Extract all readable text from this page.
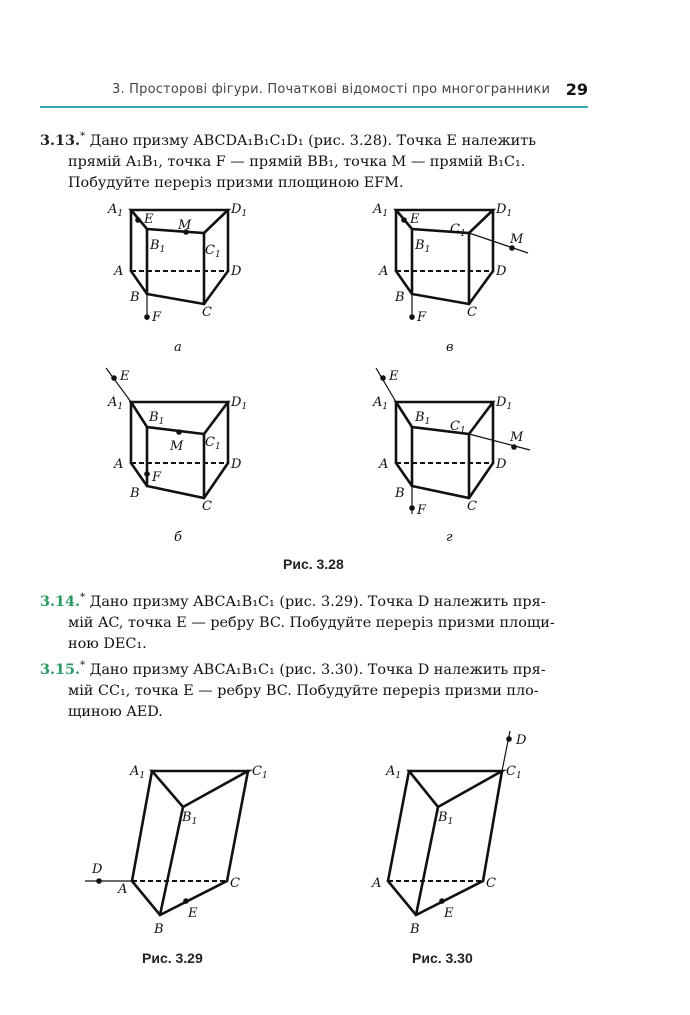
3. Просторові фігури. Початкові відомості про многогранники 29
3.13.* Дано призму ABCDA₁B₁C₁D₁ (рис. 3.28). Точка E належить
прямій A₁B₁, точка F — прямій BB₁, точка M — прямій B₁C₁.
Побудуйте переріз призми площиною EFM.
$A_1$ E
$B_1$
M
$C_1$
$D_1$
A	D
B
C
F
а
$A_1$ E
$B_1$
$C_1$	M
$D_1$
A	D
B
C
F
в
E
$A_1$
$B_1$
M $C_1$
$D_1$
A	D
F
B
C
б
E
$A_1$
$B_1$ $C_1$	M
$D_1$
A	D
B
C
F
г
Рис. 3.28
3.14.* Дано призму ABCA₁B₁C₁ (рис. 3.29). Точка D належить пря-
мій AC, точка E — ребру BC. Побудуйте переріз призми площи-
ною DEC₁.
3.15.* Дано призму ABCA₁B₁C₁ (рис. 3.30). Точка D належить пря-
мій CC₁, точка E — ребру BC. Побудуйте переріз призми пло-
щиною AED.
$A_1$	$C_1$
$B_1$
D
A	C
E
B
Рис. 3.29
D
$A_1$	$C_1$
$B_1$
A	C
E
B
Рис. 3.30
